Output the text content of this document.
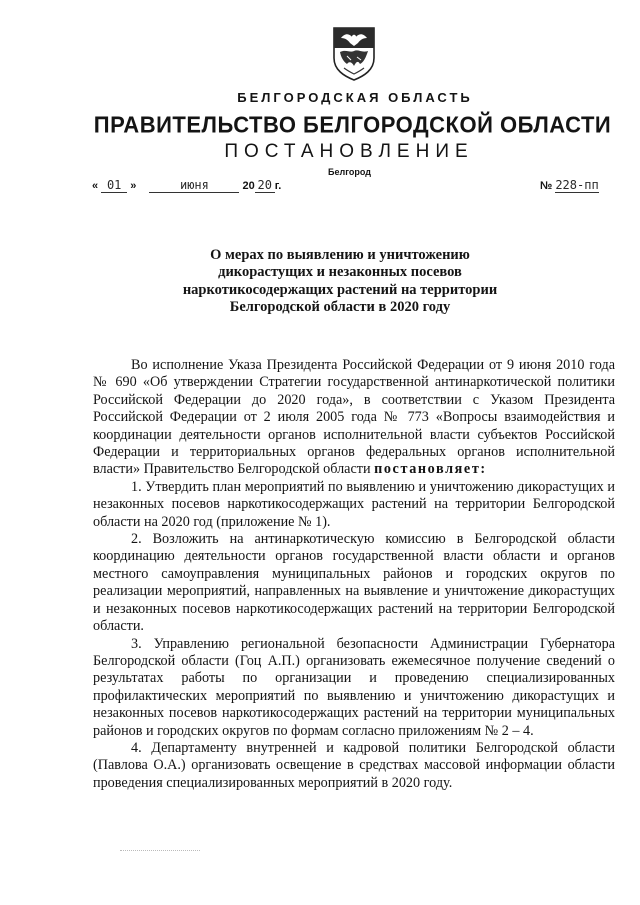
БЕЛГОРОДСКАЯ ОБЛАСТЬ
ПРАВИТЕЛЬСТВО БЕЛГОРОДСКОЙ ОБЛАСТИ
ПОСТАНОВЛЕНИЕ
Белгород
« 01 »	июня	20 20 г.	№ 228-пп
О мерах по выявлению и уничтожению
дикорастущих и незаконных посевов
наркотикосодержащих растений на территории
Белгородской области в 2020 году

Во исполнение Указа Президента Российской Федерации от 9 июня 2010 года № 690 «Об утверждении Стратегии государственной антинаркотической политики Российской Федерации до 2020 года», в соответствии с Указом Президента Российской Федерации от 2 июля 2005 года № 773 «Вопросы взаимодействия и координации деятельности органов исполнительной власти субъектов Российской Федерации и территориальных органов федеральных органов исполнительной власти» Правительство Белгородской области постановляет:

1. Утвердить план мероприятий по выявлению и уничтожению дикорастущих и незаконных посевов наркотикосодержащих растений на территории Белгородской области на 2020 год (приложение № 1).

2. Возложить на антинаркотическую комиссию в Белгородской области координацию деятельности органов государственной власти области и органов местного самоуправления муниципальных районов и городских округов по реализации мероприятий, направленных на выявление и уничтожение дикорастущих и незаконных посевов наркотикосодержащих растений на территории Белгородской области.

3. Управлению региональной безопасности Администрации Губернатора Белгородской области (Гоц А.П.) организовать ежемесячное получение сведений о результатах работы по организации и проведению специализированных профилактических мероприятий по выявлению и уничтожению дикорастущих и незаконных посевов наркотикосодержащих растений на территории муниципальных районов и городских округов по формам согласно приложениям № 2 – 4.

4. Департаменту внутренней и кадровой политики Белгородской области (Павлова О.А.) организовать освещение в средствах массовой информации области проведения специализированных мероприятий в 2020 году.
